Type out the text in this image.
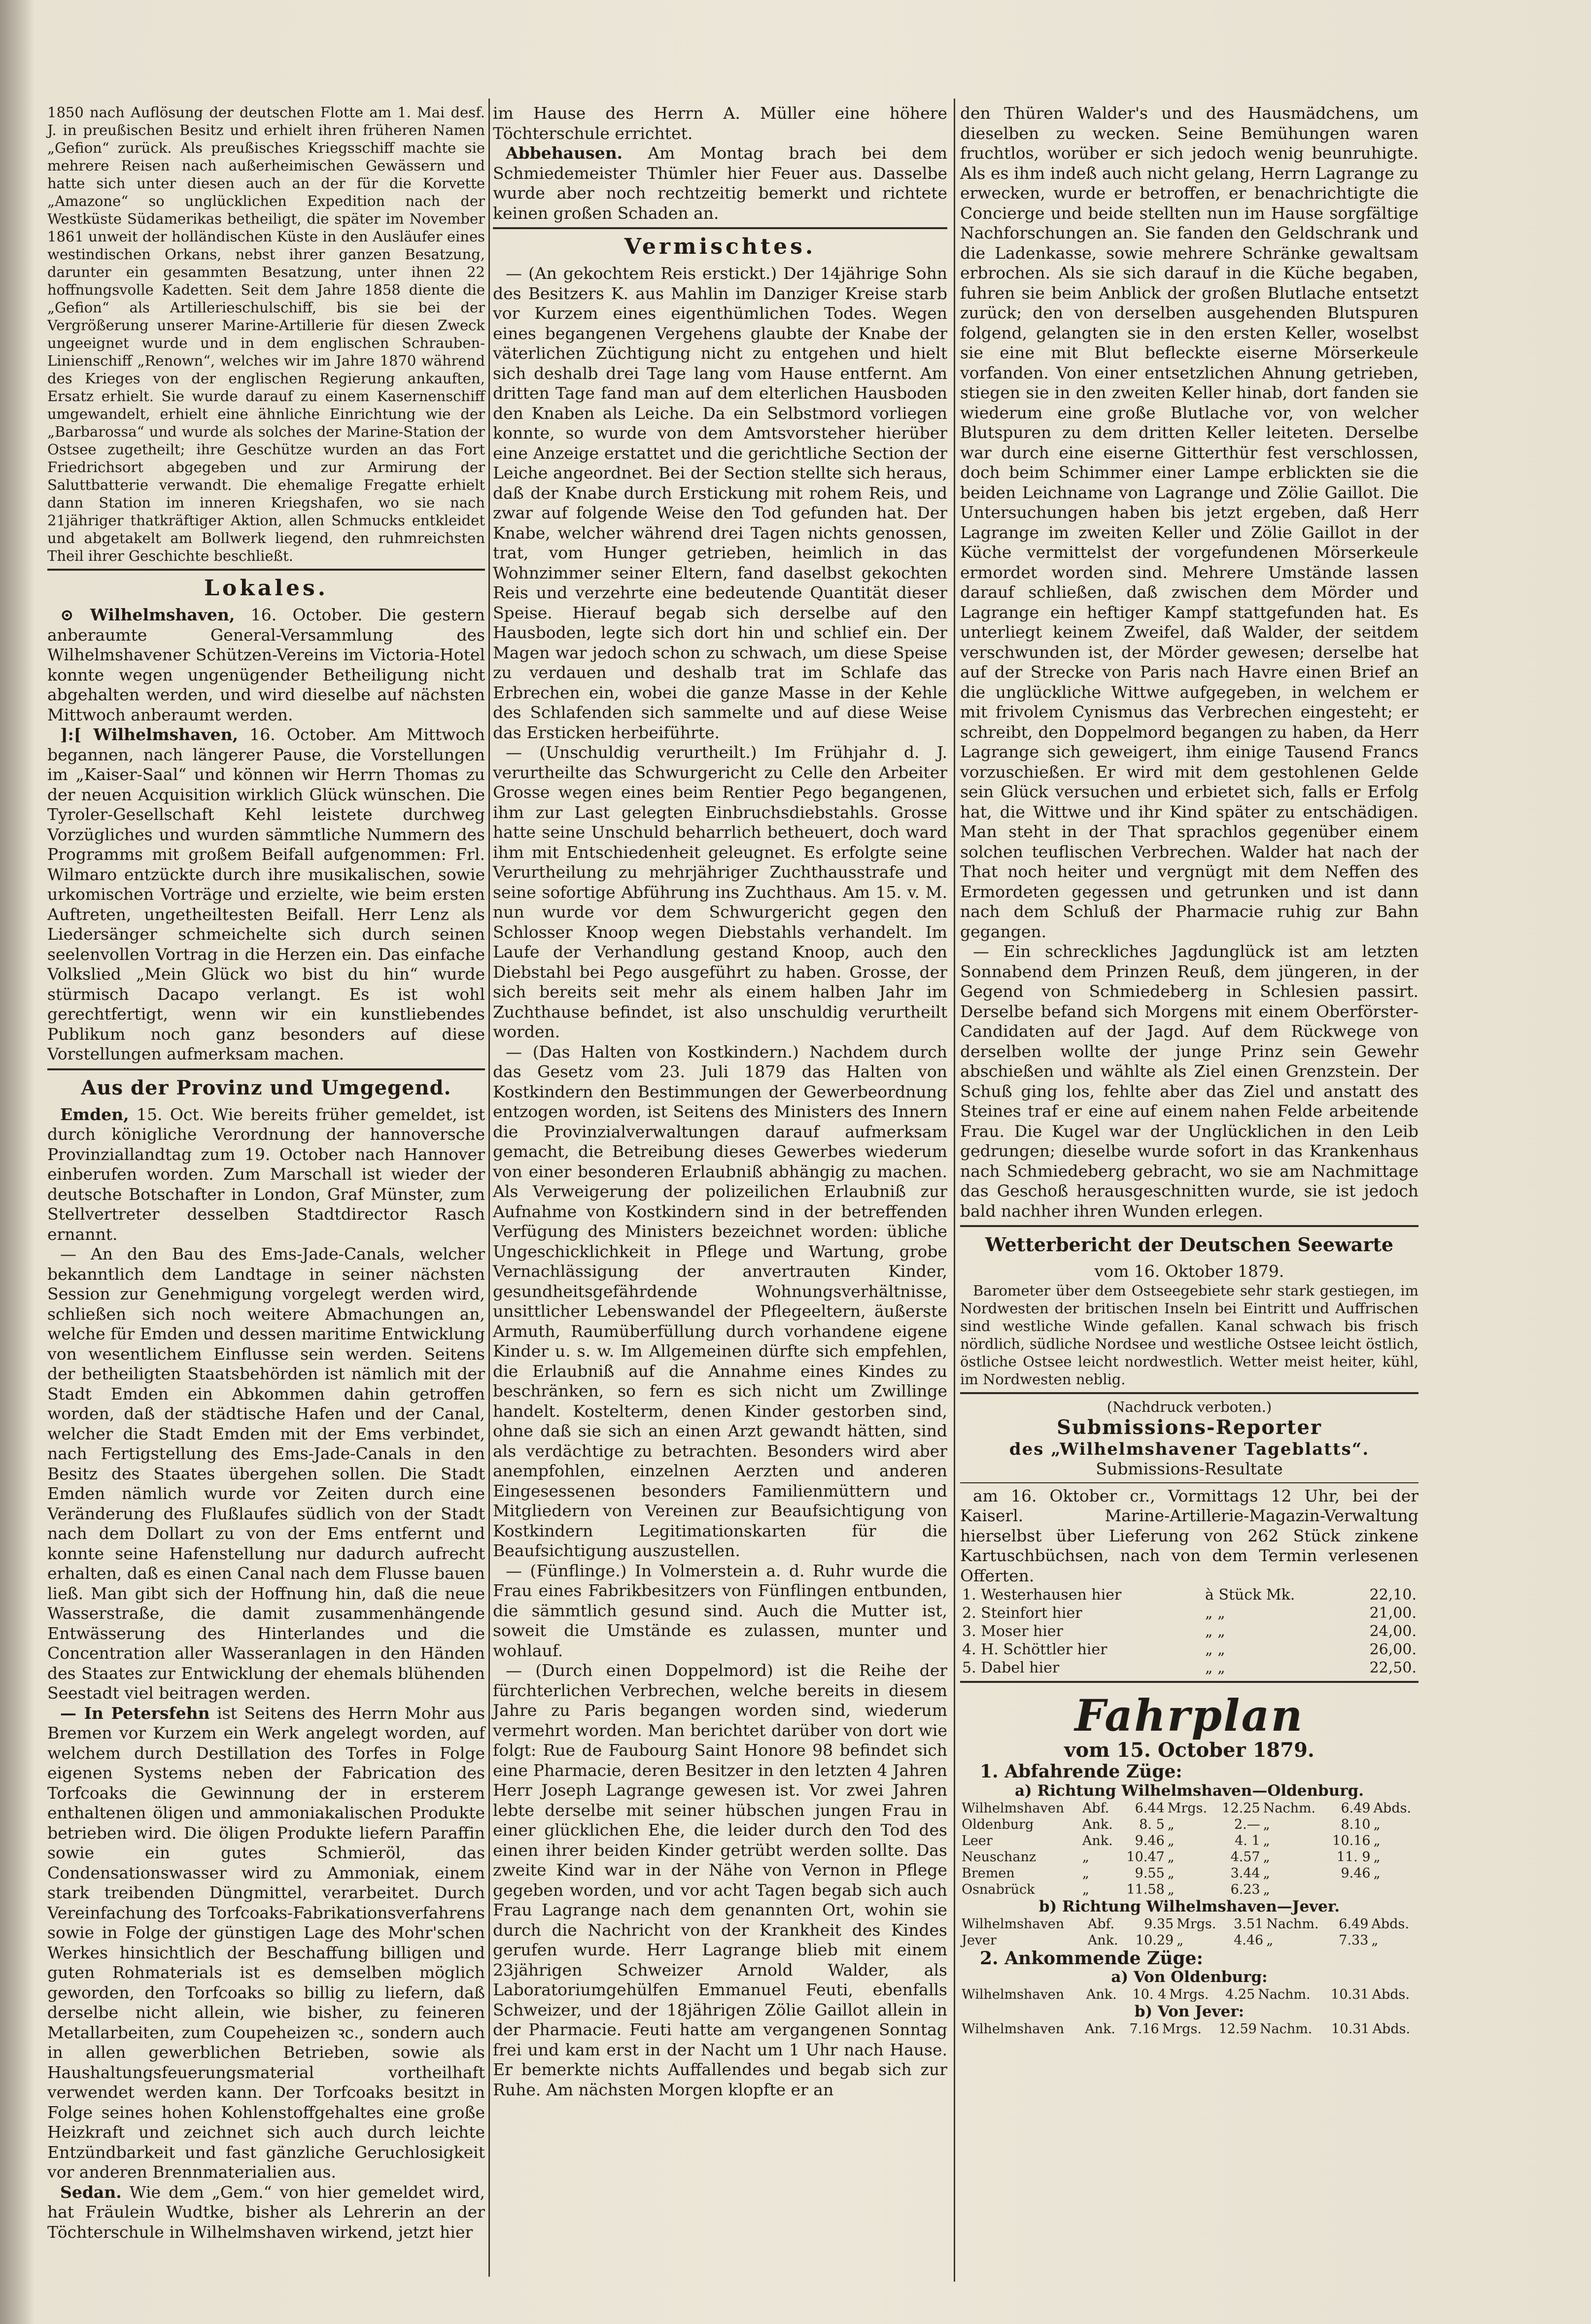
1850 nach Auflösung der deutschen Flotte am 1. Mai desf. J. in preußischen Besitz und erhielt ihren früheren Namen „Gefion“ zurück. Als preußisches Kriegsschiff machte sie mehrere Reisen nach außerheimischen Gewässern und hatte sich unter diesen auch an der für die Korvette „Amazone“ so unglücklichen Expedition nach der Westküste Südamerikas betheiligt, die später im November 1861 unweit der holländischen Küste in den Ausläufer eines westindischen Orkans, nebst ihrer ganzen Besatzung, darunter ein gesammten Besatzung, unter ihnen 22 hoffnungsvolle Kadetten. Seit dem Jahre 1858 diente die „Gefion“ als Artillerieschulschiff, bis sie bei der Vergrößerung unserer Marine-Artillerie für diesen Zweck ungeeignet wurde und in dem englischen Schrauben-Linienschiff „Renown“, welches wir im Jahre 1870 während des Krieges von der englischen Regierung ankauften, Ersatz erhielt. Sie wurde darauf zu einem Kasernenschiff umgewandelt, erhielt eine ähnliche Einrichtung wie der „Barbarossa“ und wurde als solches der Marine-Station der Ostsee zugetheilt; ihre Geschütze wurden an das Fort Friedrichsort abgegeben und zur Armirung der Saluttbatterie verwandt. Die ehemalige Fregatte erhielt dann Station im inneren Kriegshafen, wo sie nach 21jähriger thatkräftiger Aktion, allen Schmucks entkleidet und abgetakelt am Bollwerk liegend, den ruhmreichsten Theil ihrer Geschichte beschließt.

Lokales.

⊙ Wilhelmshaven, 16. October. Die gestern anberaumte General-Versammlung des Wilhelmshavener Schützen-Vereins im Victoria-Hotel konnte wegen ungenügender Betheiligung nicht abgehalten werden, und wird dieselbe auf nächsten Mittwoch anberaumt werden.

]:[ Wilhelmshaven, 16. October. Am Mittwoch begannen, nach längerer Pause, die Vorstellungen im „Kaiser-Saal“ und können wir Herrn Thomas zu der neuen Acquisition wirklich Glück wünschen. Die Tyroler-Gesellschaft Kehl leistete durchweg Vorzügliches und wurden sämmtliche Nummern des Programms mit großem Beifall aufgenommen: Frl. Wilmaro entzückte durch ihre musikalischen, sowie urkomischen Vorträge und erzielte, wie beim ersten Auftreten, ungetheiltesten Beifall. Herr Lenz als Liedersänger schmeichelte sich durch seinen seelenvollen Vortrag in die Herzen ein. Das einfache Volkslied „Mein Glück wo bist du hin“ wurde stürmisch Dacapo verlangt. Es ist wohl gerechtfertigt, wenn wir ein kunstliebendes Publikum noch ganz besonders auf diese Vorstellungen aufmerksam machen.

Aus der Provinz und Umgegend.

Emden, 15. Oct. Wie bereits früher gemeldet, ist durch königliche Verordnung der hannoversche Provinziallandtag zum 19. October nach Hannover einberufen worden. Zum Marschall ist wieder der deutsche Botschafter in London, Graf Münster, zum Stellvertreter desselben Stadtdirector Rasch ernannt.

— An den Bau des Ems-Jade-Canals, welcher bekanntlich dem Landtage in seiner nächsten Session zur Genehmigung vorgelegt werden wird, schließen sich noch weitere Abmachungen an, welche für Emden und dessen maritime Entwicklung von wesentlichem Einflusse sein werden. Seitens der betheiligten Staatsbehörden ist nämlich mit der Stadt Emden ein Abkommen dahin getroffen worden, daß der städtische Hafen und der Canal, welcher die Stadt Emden mit der Ems verbindet, nach Fertigstellung des Ems-Jade-Canals in den Besitz des Staates übergehen sollen. Die Stadt Emden nämlich wurde vor Zeiten durch eine Veränderung des Flußlaufes südlich von der Stadt nach dem Dollart zu von der Ems entfernt und konnte seine Hafenstellung nur dadurch aufrecht erhalten, daß es einen Canal nach dem Flusse bauen ließ. Man gibt sich der Hoffnung hin, daß die neue Wasserstraße, die damit zusammenhängende Entwässerung des Hinterlandes und die Concentration aller Wasseranlagen in den Händen des Staates zur Entwicklung der ehemals blühenden Seestadt viel beitragen werden.

— In Petersfehn ist Seitens des Herrn Mohr aus Bremen vor Kurzem ein Werk angelegt worden, auf welchem durch Destillation des Torfes in Folge eigenen Systems neben der Fabrication des Torfcoaks die Gewinnung der in ersterem enthaltenen öligen und ammoniakalischen Produkte betrieben wird. Die öligen Produkte liefern Paraffin sowie ein gutes Schmieröl, das Condensationswasser wird zu Ammoniak, einem stark treibenden Düngmittel, verarbeitet. Durch Vereinfachung des Torfcoaks-Fabrikationsverfahrens sowie in Folge der günstigen Lage des Mohr'schen Werkes hinsichtlich der Beschaffung billigen und guten Rohmaterials ist es demselben möglich geworden, den Torfcoaks so billig zu liefern, daß derselbe nicht allein, wie bisher, zu feineren Metallarbeiten, zum Coupeheizen ꝛc., sondern auch in allen gewerblichen Betrieben, sowie als Haushaltungsfeuerungsmaterial vortheilhaft verwendet werden kann. Der Torfcoaks besitzt in Folge seines hohen Kohlenstoffgehaltes eine große Heizkraft und zeichnet sich auch durch leichte Entzündbarkeit und fast gänzliche Geruchlosigkeit vor anderen Brennmaterialien aus.

Sedan. Wie dem „Gem.“ von hier gemeldet wird, hat Fräulein Wudtke, bisher als Lehrerin an der Töchterschule in Wilhelmshaven wirkend, jetzt hier

im Hause des Herrn A. Müller eine höhere Töchterschule errichtet.

Abbehausen. Am Montag brach bei dem Schmiedemeister Thümler hier Feuer aus. Dasselbe wurde aber noch rechtzeitig bemerkt und richtete keinen großen Schaden an.

Vermischtes.

— (An gekochtem Reis erstickt.) Der 14jährige Sohn des Besitzers K. aus Mahlin im Danziger Kreise starb vor Kurzem eines eigenthümlichen Todes. Wegen eines begangenen Vergehens glaubte der Knabe der väterlichen Züchtigung nicht zu entgehen und hielt sich deshalb drei Tage lang vom Hause entfernt. Am dritten Tage fand man auf dem elterlichen Hausboden den Knaben als Leiche. Da ein Selbstmord vorliegen konnte, so wurde von dem Amtsvorsteher hierüber eine Anzeige erstattet und die gerichtliche Section der Leiche angeordnet. Bei der Section stellte sich heraus, daß der Knabe durch Erstickung mit rohem Reis, und zwar auf folgende Weise den Tod gefunden hat. Der Knabe, welcher während drei Tagen nichts genossen, trat, vom Hunger getrieben, heimlich in das Wohnzimmer seiner Eltern, fand daselbst gekochten Reis und verzehrte eine bedeutende Quantität dieser Speise. Hierauf begab sich derselbe auf den Hausboden, legte sich dort hin und schlief ein. Der Magen war jedoch schon zu schwach, um diese Speise zu verdauen und deshalb trat im Schlafe das Erbrechen ein, wobei die ganze Masse in der Kehle des Schlafenden sich sammelte und auf diese Weise das Ersticken herbeiführte.

— (Unschuldig verurtheilt.) Im Frühjahr d. J. verurtheilte das Schwurgericht zu Celle den Arbeiter Grosse wegen eines beim Rentier Pego begangenen, ihm zur Last gelegten Einbruchsdiebstahls. Grosse hatte seine Unschuld beharrlich betheuert, doch ward ihm mit Entschiedenheit geleugnet. Es erfolgte seine Verurtheilung zu mehrjähriger Zuchthausstrafe und seine sofortige Abführung ins Zuchthaus. Am 15. v. M. nun wurde vor dem Schwurgericht gegen den Schlosser Knoop wegen Diebstahls verhandelt. Im Laufe der Verhandlung gestand Knoop, auch den Diebstahl bei Pego ausgeführt zu haben. Grosse, der sich bereits seit mehr als einem halben Jahr im Zuchthause befindet, ist also unschuldig verurtheilt worden.

— (Das Halten von Kostkindern.) Nachdem durch das Gesetz vom 23. Juli 1879 das Halten von Kostkindern den Bestimmungen der Gewerbeordnung entzogen worden, ist Seitens des Ministers des Innern die Provinzialverwaltungen darauf aufmerksam gemacht, die Betreibung dieses Gewerbes wiederum von einer besonderen Erlaubniß abhängig zu machen. Als Verweigerung der polizeilichen Erlaubniß zur Aufnahme von Kostkindern sind in der betreffenden Verfügung des Ministers bezeichnet worden: übliche Ungeschicklichkeit in Pflege und Wartung, grobe Vernachlässigung der anvertrauten Kinder, gesundheitsgefährdende Wohnungsverhältnisse, unsittlicher Lebenswandel der Pflegeeltern, äußerste Armuth, Raumüberfüllung durch vorhandene eigene Kinder u. s. w. Im Allgemeinen dürfte sich empfehlen, die Erlaubniß auf die Annahme eines Kindes zu beschränken, so fern es sich nicht um Zwillinge handelt. Kostelterm, denen Kinder gestorben sind, ohne daß sie sich an einen Arzt gewandt hätten, sind als verdächtige zu betrachten. Besonders wird aber anempfohlen, einzelnen Aerzten und anderen Eingesessenen besonders Familienmüttern und Mitgliedern von Vereinen zur Beaufsichtigung von Kostkindern Legitimationskarten für die Beaufsichtigung auszustellen.

— (Fünflinge.) In Volmerstein a. d. Ruhr wurde die Frau eines Fabrikbesitzers von Fünflingen entbunden, die sämmtlich gesund sind. Auch die Mutter ist, soweit die Umstände es zulassen, munter und wohlauf.

— (Durch einen Doppelmord) ist die Reihe der fürchterlichen Verbrechen, welche bereits in diesem Jahre zu Paris begangen worden sind, wiederum vermehrt worden. Man berichtet darüber von dort wie folgt: Rue de Faubourg Saint Honore 98 befindet sich eine Pharmacie, deren Besitzer in den letzten 4 Jahren Herr Joseph Lagrange gewesen ist. Vor zwei Jahren lebte derselbe mit seiner hübschen jungen Frau in einer glücklichen Ehe, die leider durch den Tod des einen ihrer beiden Kinder getrübt werden sollte. Das zweite Kind war in der Nähe von Vernon in Pflege gegeben worden, und vor acht Tagen begab sich auch Frau Lagrange nach dem genannten Ort, wohin sie durch die Nachricht von der Krankheit des Kindes gerufen wurde. Herr Lagrange blieb mit einem 23jährigen Schweizer Arnold Walder, als Laboratoriumgehülfen Emmanuel Feuti, ebenfalls Schweizer, und der 18jährigen Zölie Gaillot allein in der Pharmacie. Feuti hatte am vergangenen Sonntag frei und kam erst in der Nacht um 1 Uhr nach Hause. Er bemerkte nichts Auffallendes und begab sich zur Ruhe. Am nächsten Morgen klopfte er an

den Thüren Walder's und des Hausmädchens, um dieselben zu wecken. Seine Bemühungen waren fruchtlos, worüber er sich jedoch wenig beunruhigte. Als es ihm indeß auch nicht gelang, Herrn Lagrange zu erwecken, wurde er betroffen, er benachrichtigte die Concierge und beide stellten nun im Hause sorgfältige Nachforschungen an. Sie fanden den Geldschrank und die Ladenkasse, sowie mehrere Schränke gewaltsam erbrochen. Als sie sich darauf in die Küche begaben, fuhren sie beim Anblick der großen Blutlache entsetzt zurück; den von derselben ausgehenden Blutspuren folgend, gelangten sie in den ersten Keller, woselbst sie eine mit Blut befleckte eiserne Mörserkeule vorfanden. Von einer entsetzlichen Ahnung getrieben, stiegen sie in den zweiten Keller hinab, dort fanden sie wiederum eine große Blutlache vor, von welcher Blutspuren zu dem dritten Keller leiteten. Derselbe war durch eine eiserne Gitterthür fest verschlossen, doch beim Schimmer einer Lampe erblickten sie die beiden Leichname von Lagrange und Zölie Gaillot. Die Untersuchungen haben bis jetzt ergeben, daß Herr Lagrange im zweiten Keller und Zölie Gaillot in der Küche vermittelst der vorgefundenen Mörserkeule ermordet worden sind. Mehrere Umstände lassen darauf schließen, daß zwischen dem Mörder und Lagrange ein heftiger Kampf stattgefunden hat. Es unterliegt keinem Zweifel, daß Walder, der seitdem verschwunden ist, der Mörder gewesen; derselbe hat auf der Strecke von Paris nach Havre einen Brief an die unglückliche Wittwe aufgegeben, in welchem er mit frivolem Cynismus das Verbrechen eingesteht; er schreibt, den Doppelmord begangen zu haben, da Herr Lagrange sich geweigert, ihm einige Tausend Francs vorzuschießen. Er wird mit dem gestohlenen Gelde sein Glück versuchen und erbietet sich, falls er Erfolg hat, die Wittwe und ihr Kind später zu entschädigen. Man steht in der That sprachlos gegenüber einem solchen teuflischen Verbrechen. Walder hat nach der That noch heiter und vergnügt mit dem Neffen des Ermordeten gegessen und getrunken und ist dann nach dem Schluß der Pharmacie ruhig zur Bahn gegangen.

— Ein schreckliches Jagdunglück ist am letzten Sonnabend dem Prinzen Reuß, dem jüngeren, in der Gegend von Schmiedeberg in Schlesien passirt. Derselbe befand sich Morgens mit einem Oberförster-Candidaten auf der Jagd. Auf dem Rückwege von derselben wollte der junge Prinz sein Gewehr abschießen und wählte als Ziel einen Grenzstein. Der Schuß ging los, fehlte aber das Ziel und anstatt des Steines traf er eine auf einem nahen Felde arbeitende Frau. Die Kugel war der Unglücklichen in den Leib gedrungen; dieselbe wurde sofort in das Krankenhaus nach Schmiedeberg gebracht, wo sie am Nachmittage das Geschoß herausgeschnitten wurde, sie ist jedoch bald nachher ihren Wunden erlegen.

Wetterbericht der Deutschen Seewarte
vom 16. Oktober 1879.

Barometer über dem Ostseegebiete sehr stark gestiegen, im Nordwesten der britischen Inseln bei Eintritt und Auffrischen sind westliche Winde gefallen. Kanal schwach bis frisch nördlich, südliche Nordsee und westliche Ostsee leicht östlich, östliche Ostsee leicht nordwestlich. Wetter meist heiter, kühl, im Nordwesten neblig.

(Nachdruck verboten.)
Submissions-Reporter
des „Wilhelmshavener Tageblatts“.
Submissions-Resultate

am 16. Oktober cr., Vormittags 12 Uhr, bei der Kaiserl. Marine-Artillerie-Magazin-Verwaltung hierselbst über Lieferung von 262 Stück zinkene Kartuschbüchsen, nach von dem Termin verlesenen Offerten.

1. Westerhausen hier	à Stück Mk.	22,10.
2. Steinfort hier	„ „	21,00.
3. Moser hier	„ „	24,00.
4. H. Schöttler hier	„ „	26,00.
5. Dabel hier	„ „	22,50.
Fahrplan
vom 15. October 1879.
1. Abfahrende Züge:
a) Richtung Wilhelmshaven—Oldenburg.
Wilhelmshaven	Abf.	6.44	Mrgs.	12.25	Nachm.	6.49	Abds.
Oldenburg	Ank.	8. 5	„	2.—	„	8.10	„
Leer	Ank.	9.46	„	4. 1	„	10.16	„
Neuschanz	„	10.47	„	4.57	„	11. 9	„
Bremen	„	9.55	„	3.44	„	9.46	„
Osnabrück	„	11.58	„	6.23	„		
b) Richtung Wilhelmshaven—Jever.
Wilhelmshaven	Abf.	9.35	Mrgs.	3.51	Nachm.	6.49	Abds.
Jever	Ank.	10.29	„	4.46	„	7.33	„
2. Ankommende Züge:
a) Von Oldenburg:
Wilhelmshaven	Ank.	10. 4	Mrgs.	4.25	Nachm.	10.31	Abds.
b) Von Jever:
Wilhelmshaven	Ank.	7.16	Mrgs.	12.59	Nachm.	10.31	Abds.
